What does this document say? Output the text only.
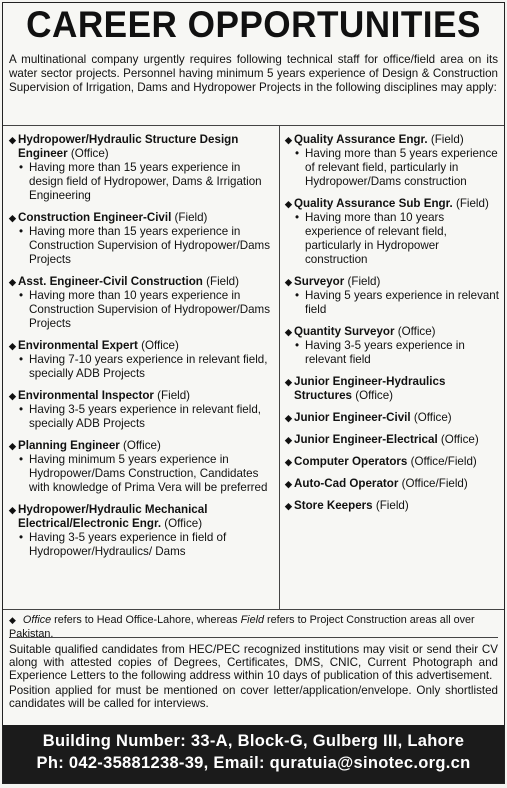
CAREER OPPORTUNITIES
A multinational company urgently requires following technical staff for office/field area on its water sector projects. Personnel having minimum 5 years experience of Design & Construction Supervision of Irrigation, Dams and Hydropower Projects in the following disciplines may apply:
◆ Hydropower/Hydraulic Structure Design Engineer (Office)
• Having more than 15 years experience in design field of Hydropower, Dams & Irrigation Engineering
◆ Construction Engineer-Civil (Field)
• Having more than 15 years experience in Construction Supervision of Hydropower/Dams Projects
◆ Asst. Engineer-Civil Construction (Field)
• Having more than 10 years experience in Construction Supervision of Hydropower/Dams Projects
◆ Environmental Expert (Office)
• Having 7-10 years experience in relevant field, specially ADB Projects
◆ Environmental Inspector (Field)
• Having 3-5 years experience in relevant field, specially ADB Projects
◆ Planning Engineer (Office)
• Having minimum 5 years experience in Hydropower/Dams Construction, Candidates with knowledge of Prima Vera will be preferred
◆ Hydropower/Hydraulic Mechanical Electrical/Electronic Engr. (Office)
• Having 3-5 years experience in field of Hydropower/Hydraulics/ Dams
◆ Quality Assurance Engr. (Field)
• Having more than 5 years experience of relevant field, particularly in Hydropower/Dams construction
◆ Quality Assurance Sub Engr. (Field)
• Having more than 10 years experience of relevant field, particularly in Hydropower construction
◆ Surveyor (Field)
• Having 5 years experience in relevant field
◆ Quantity Surveyor (Office)
• Having 3-5 years experience in relevant field
◆ Junior Engineer-Hydraulics Structures (Office)
◆ Junior Engineer-Civil (Office)
◆ Junior Engineer-Electrical (Office)
◆ Computer Operators (Office/Field)
◆ Auto-Cad Operator (Office/Field)
◆ Store Keepers (Field)
◆ Office refers to Head Office-Lahore, whereas Field refers to Project Construction areas all over Pakistan.

Suitable qualified candidates from HEC/PEC recognized institutions may visit or send their CV along with attested copies of Degrees, Certificates, DMS, CNIC, Current Photograph and Experience Letters to the following address within 10 days of publication of this advertisement.

Position applied for must be mentioned on cover letter/application/envelope. Only shortlisted candidates will be called for interviews.

Building Number: 33-A, Block-G, Gulberg III, Lahore
Ph: 042-35881238-39, Email: quratuia@sinotec.org.cn
